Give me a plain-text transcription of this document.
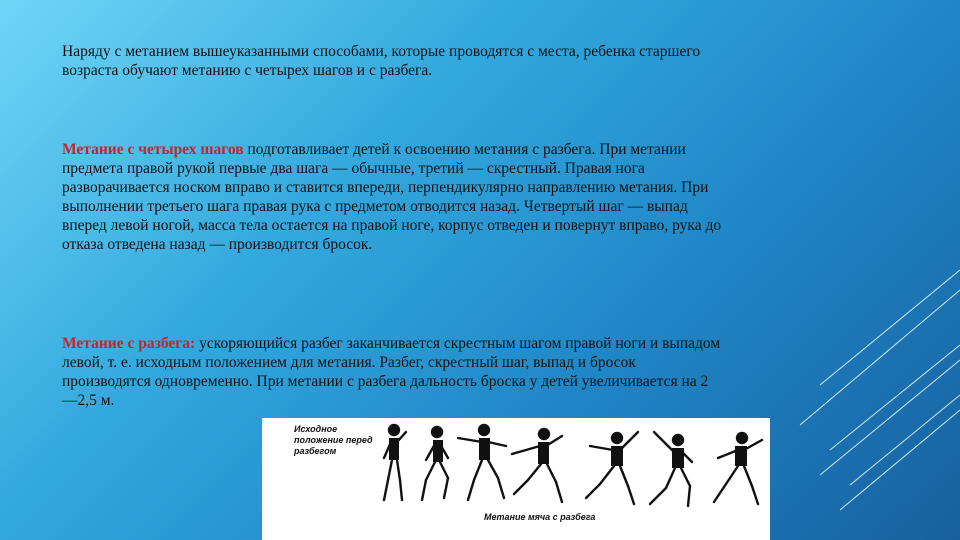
Наряду с метанием вышеуказанными способами, которые проводятся с места, ребенка старшего возраста обучают метанию с четырех шагов и с разбега.
Метание с четырех шагов подготавливает детей к освоению метания с разбега. При метании предмета правой рукой первые два шага — обычные, третий — скрестный. Правая нога разворачивается носком вправо и ставится впереди, перпендикулярно направлению метания. При выполнении третьего шага правая рука с предметом отводится назад. Четвертый шаг — выпад вперед левой ногой, масса тела остается на правой ноге, корпус отведен и повернут вправо, рука до отказа отведена назад — производится бросок.
Метание с разбега: ускоряющийся разбег заканчивается скрестным шагом правой ноги и выпадом левой, т. е. исходным положением для метания. Разбег, скрестный шаг, выпад и бросок производятся одновременно. При метании с разбега дальность броска у детей увеличивается на 2—2,5 м.
Исходное положение перед разбегом
Метание мяча с разбега
